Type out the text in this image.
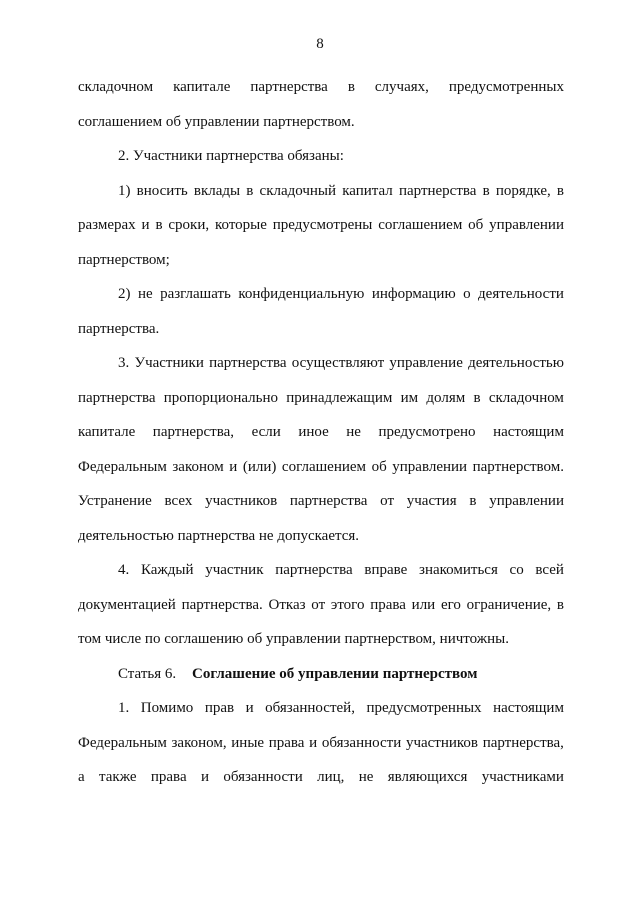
8
складочном капитале партнерства в случаях, предусмотренных
соглашением об управлении партнерством.
2. Участники партнерства обязаны:
1) вносить вклады в складочный капитал партнерства в порядке, в
размерах и в сроки, которые предусмотрены соглашением об управлении
партнерством;
2) не разглашать конфиденциальную информацию о деятельности
партнерства.
3. Участники партнерства осуществляют управление деятельностью
партнерства пропорционально принадлежащим им долям в складочном
капитале партнерства, если иное не предусмотрено настоящим
Федеральным законом и (или) соглашением об управлении партнерством.
Устранение всех участников партнерства от участия в управлении
деятельностью партнерства не допускается.
4. Каждый участник партнерства вправе знакомиться со всей
документацией партнерства. Отказ от этого права или его ограничение, в
том числе по соглашению об управлении партнерством, ничтожны.
Статья 6. Соглашение об управлении партнерством
1. Помимо прав и обязанностей, предусмотренных настоящим
Федеральным законом, иные права и обязанности участников партнерства,
а также права и обязанности лиц, не являющихся участниками
